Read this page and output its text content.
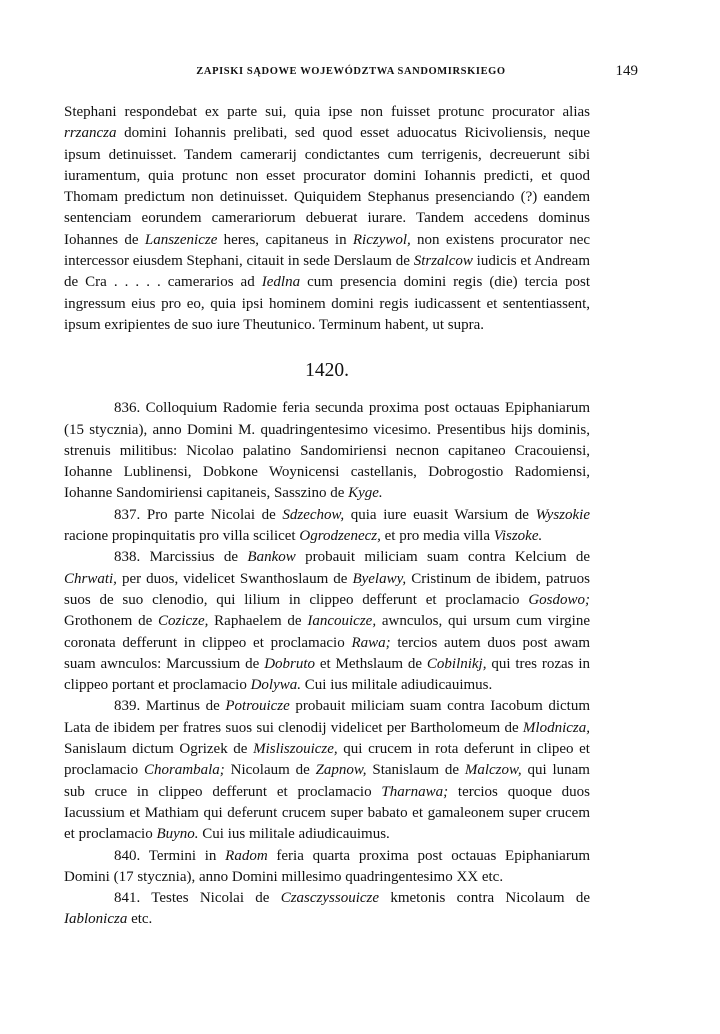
ZAPISKI SĄDOWE WOJEWÓDZTWA SANDOMIRSKIEGO	149

Stephani respondebat ex parte sui, quia ipse non fuisset protunc procurator alias rrzancza domini Iohannis prelibati, sed quod esset aduocatus Ricivoliensis, neque ipsum detinuisset. Tandem camerarij condictantes cum terrigenis, decreuerunt sibi iuramentum, quia protunc non esset procurator domini Iohannis predicti, et quod Thomam predictum non detinuisset. Quiquidem Stephanus presenciando (?) eandem sentenciam eorundem camerariorum debuerat iurare. Tandem accedens dominus Iohannes de Lanszenicze heres, capitaneus in Riczywol, non existens procurator nec intercessor eiusdem Stephani, citauit in sede Derslaum de Strzalcow iudicis et Andream de Cra . . . . . camerarios ad Iedlna cum presencia domini regis (die) tercia post ingressum eius pro eo, quia ipsi hominem domini regis iudicassent et sententiassent, ipsum exripientes de suo iure Theutunico. Terminum habent, ut supra.

1420.

836. Colloquium Radomie feria secunda proxima post octauas Epiphaniarum (15 stycznia), anno Domini M. quadringentesimo vicesimo. Presentibus hijs dominis, strenuis militibus: Nicolao palatino Sandomiriensi necnon capitaneo Cracouiensi, Iohanne Lublinensi, Dobkone Woynicensi castellanis, Dobrogostio Radomiensi, Iohanne Sandomiriensi capitaneis, Sasszino de Kyge.

837. Pro parte Nicolai de Sdzechow, quia iure euasit Warsium de Wyszokie racione propinquitatis pro villa scilicet Ogrodzenecz, et pro media villa Viszoke.

838. Marcissius de Bankow probauit miliciam suam contra Kelcium de Chrwati, per duos, videlicet Swanthoslaum de Byelawy, Cristinum de ibidem, patruos suos de suo clenodio, qui lilium in clippeo defferunt et proclamacio Gosdowo; Grothonem de Cozicze, Raphaelem de Iancouicze, awnculos, qui ursum cum virgine coronata defferunt in clippeo et proclamacio Rawa; tercios autem duos post awam suam awnculos: Marcussium de Dobruto et Methslaum de Cobilnikj, qui tres rozas in clippeo portant et proclamacio Dolywa. Cui ius militale adiudicauimus.

839. Martinus de Potrouicze probauit miliciam suam contra Iacobum dictum Lata de ibidem per fratres suos sui clenodij videlicet per Bartholomeum de Mlodnicza, Sanislaum dictum Ogrizek de Misliszouicze, qui crucem in rota deferunt in clipeo et proclamacio Chorambala; Nicolaum de Zapnow, Stanislaum de Malczow, qui lunam sub cruce in clippeo defferunt et proclamacio Tharnawa; tercios quoque duos Iacussium et Mathiam qui deferunt crucem super babato et gamaleonem super crucem et proclamacio Buyno. Cui ius militale adiudicauimus.

840. Termini in Radom feria quarta proxima post octauas Epiphaniarum Domini (17 stycznia), anno Domini millesimo quadringentesimo XX etc.

841. Testes Nicolai de Czasczyssouicze kmetonis contra Nicolaum de Iablonicza etc.
